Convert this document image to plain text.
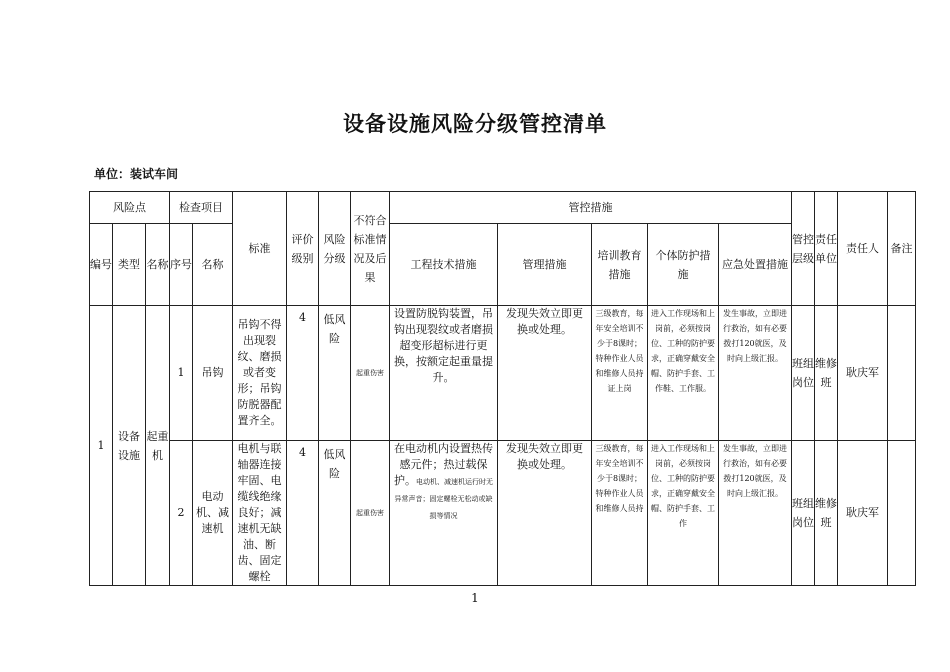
设备设施风险分级管控清单
单位：装试车间
风险点			检查项目		标准	评价级别	风险分级	不符合标准情况及后果	管控措施					管控层级	责任单位	责任人	备注
编号	类型	名称	序号	名称					工程技术措施	管理措施	培训教育措施	个体防护措施	应急处置措施				
1	设备设施	起重机	1	吊钩	吊钩不得出现裂纹、磨损或者变形；吊钩防脱器配置齐全。	4	低风险	起重伤害	设置防脱钩装置，吊钩出现裂纹或者磨损超变形超标进行更换，按额定起重量提升。	发现失效立即更换或处理。	三级教育，每年安全培训不少于8课时；特种作业人员和维修人员持证上岗	进入工作现场和上岗前，必须按岗位、工种的防护要求，正确穿戴安全帽、防护手套、工作鞋、工作服。	发生事故，立即进行救治，如有必要拨打120就医，及时向上级汇报。	班组岗位	维修班	耿庆军	
			2	电动机、减速机	电机与联轴器连接牢固、电缆线绝缘良好；减速机无缺油、断齿、固定螺栓	4	低风险	起重伤害	在电动机内设置热传感元件；热过载保护。电动机、减速机运行时无异常声音；固定螺栓无松动或缺损等情况	发现失效立即更换或处理。	三级教育，每年安全培训不少于8课时；特种作业人员和维修人员持	进入工作现场和上岗前，必须按岗位、工种的防护要求，正确穿戴安全帽、防护手套、工作	发生事故，立即进行救治，如有必要拨打120就医，及时向上级汇报。	班组岗位	维修班	耿庆军	
1
